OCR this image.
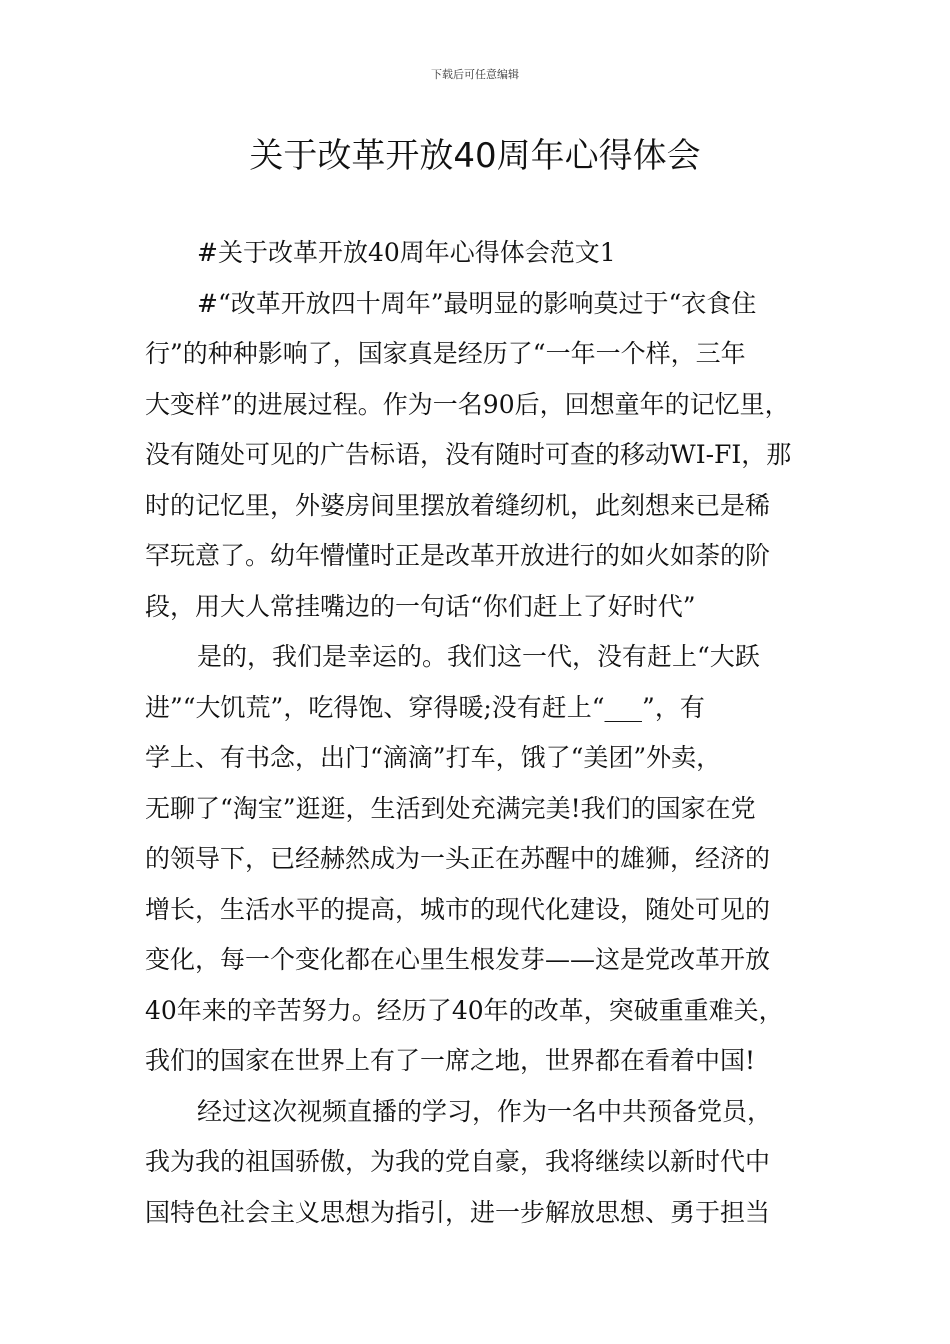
下载后可任意编辑
关于改革开放40周年心得体会
#关于改革开放40周年心得体会范文1
#“改革开放四十周年”最明显的影响莫过于“衣食住
行”的种种影响了，国家真是经历了“一年一个样，三年
大变样”的进展过程。作为一名90后，回想童年的记忆里，
没有随处可见的广告标语，没有随时可查的移动WI-FI，那
时的记忆里，外婆房间里摆放着缝纫机，此刻想来已是稀
罕玩意了。幼年懵懂时正是改革开放进行的如火如荼的阶
段，用大人常挂嘴边的一句话“你们赶上了好时代”
是的，我们是幸运的。我们这一代，没有赶上“大跃
进”“大饥荒”，吃得饱、穿得暖;没有赶上“___”，有
学上、有书念，出门“滴滴”打车，饿了“美团”外卖，
无聊了“淘宝”逛逛，生活到处充满完美!我们的国家在党
的领导下，已经赫然成为一头正在苏醒中的雄狮，经济的
增长，生活水平的提高，城市的现代化建设，随处可见的
变化，每一个变化都在心里生根发芽——这是党改革开放
40年来的辛苦努力。经历了40年的改革，突破重重难关，
我们的国家在世界上有了一席之地，世界都在看着中国!
经过这次视频直播的学习，作为一名中共预备党员，
我为我的祖国骄傲，为我的党自豪，我将继续以新时代中
国特色社会主义思想为指引，进一步解放思想、勇于担当
